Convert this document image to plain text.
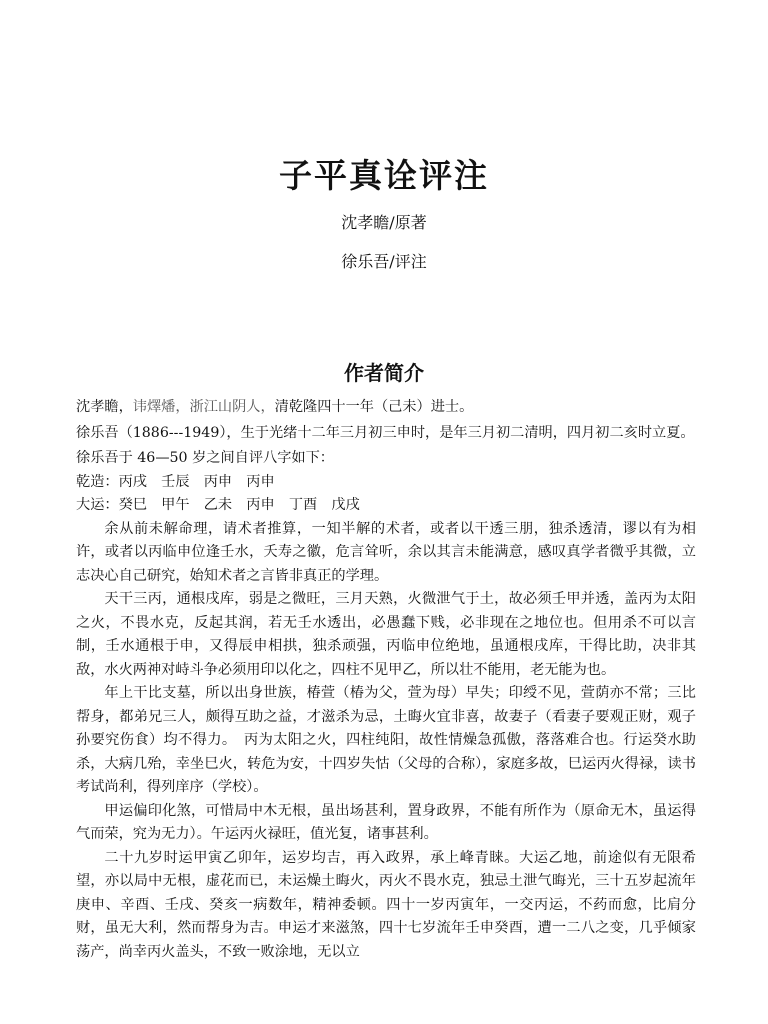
子平真诠评注
沈孝瞻/原著
徐乐吾/评注
作者简介

沈孝瞻，讳燡燔，浙江山阴人，清乾隆四十一年（己未）进士。

徐乐吾（1886---1949），生于光绪十二年三月初三申时，是年三月初二清明，四月初二亥时立夏。

徐乐吾于 46—50 岁之间自评八字如下：

乾造：丙戌　壬辰　丙申　丙申

大运：癸巳　甲午　乙未　丙申　丁酉　戊戌

余从前未解命理，请术者推算，一知半解的术者，或者以干透三朋，独杀透清，谬以有为相许，或者以丙临申位逢壬水，夭寿之徽，危言耸听，余以其言未能满意，感叹真学者微乎其微，立志决心自己研究，始知术者之言皆非真正的学理。

天干三丙，通根戌库，弱是之微旺，三月天熟，火微泄气于土，故必须壬甲并透，盖丙为太阳之火，不畏水克，反起其润，若无壬水透出，必愚蠢下贱，必非现在之地位也。但用杀不可以言制，壬水通根于申，又得辰申相拱，独杀顽强，丙临申位绝地，虽通根戌库，干得比助，决非其敌，水火两神对峙斗争必须用印以化之，四柱不见甲乙，所以壮不能用，老无能为也。

年上干比支墓，所以出身世族，椿萱（椿为父，萱为母）早失；印绶不见，萱荫亦不常；三比帮身，都弟兄三人，颇得互助之益，才滋杀为忌，土晦火宜非喜，故妻子（看妻子要观正财，观子孙要究伤食）均不得力。　丙为太阳之火，四柱纯阳，故性情燥急孤傲，落落难合也。行运癸水助杀，大病几殆，幸坐巳火，转危为安，十四岁失怙（父母的合称），家庭多故，巳运丙火得禄，读书考试尚利，得列庠序（学校）。

甲运偏印化煞，可惜局中木无根，虽出场甚利，置身政界，不能有所作为（原命无木，虽运得气而荣，究为无力）。午运丙火禄旺，值光复，诸事甚利。

二十九岁时运甲寅乙卯年，运岁均吉，再入政界，承上峰青睐。大运乙地，前途似有无限希望，亦以局中无根，虚花而已，未运燥土晦火，丙火不畏水克，独忌土泄气晦光，三十五岁起流年庚申、辛酉、壬戌、癸亥一病数年，精神委顿。四十一岁丙寅年，一交丙运，不药而愈，比肩分财，虽无大利，然而帮身为吉。申运才来滋煞，四十七岁流年壬申癸酉，遭一二八之变，几乎倾家荡产，尚幸丙火盖头，不致一败涂地，无以立
